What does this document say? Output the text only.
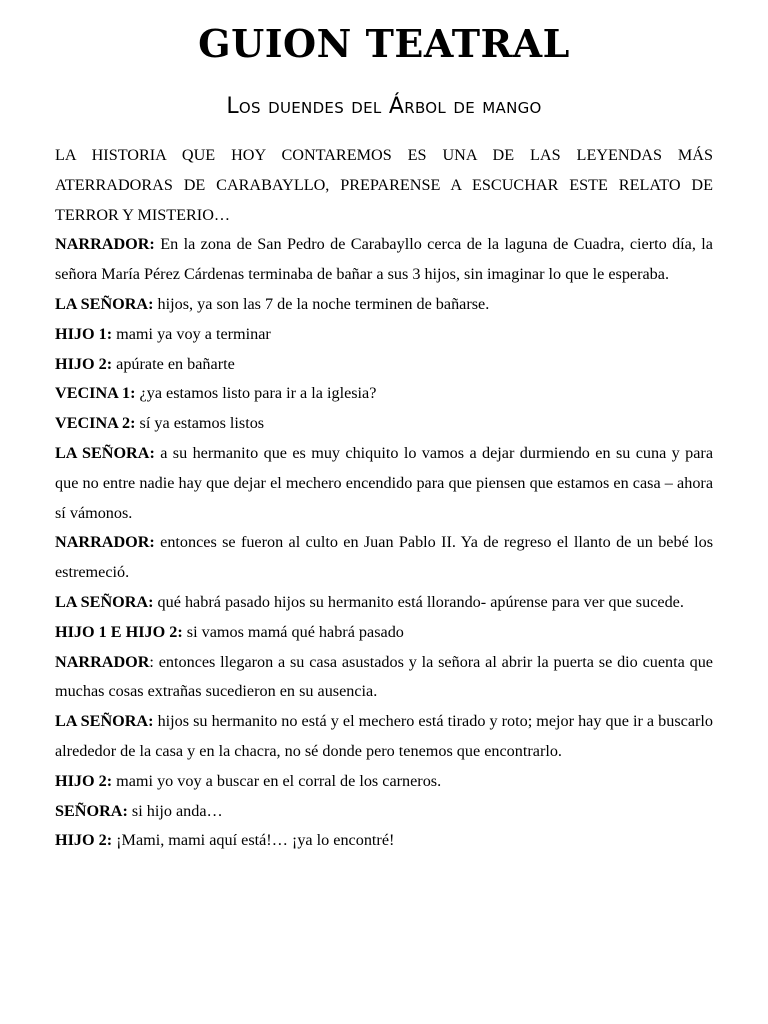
GUION TEATRAL
Los duendes del Árbol de mango

LA HISTORIA QUE HOY CONTAREMOS ES UNA DE LAS LEYENDAS MÁS ATERRADORAS DE CARABAYLLO, PREPARENSE A ESCUCHAR ESTE RELATO DE TERROR Y MISTERIO…

NARRADOR: En la zona de San Pedro de Carabayllo cerca de la laguna de Cuadra, cierto día, la señora María Pérez Cárdenas terminaba de bañar a sus 3 hijos, sin imaginar lo que le esperaba.

LA SEÑORA: hijos, ya son las 7 de la noche terminen de bañarse.

HIJO 1: mami ya voy a terminar

HIJO 2: apúrate en bañarte

VECINA 1: ¿ya estamos listo para ir a la iglesia?

VECINA 2: sí ya estamos listos

LA SEÑORA: a su hermanito que es muy chiquito lo vamos a dejar durmiendo en su cuna y para que no entre nadie hay que dejar el mechero encendido para que piensen que estamos en casa – ahora sí vámonos.

NARRADOR: entonces se fueron al culto en Juan Pablo II. Ya de regreso el llanto de un bebé los estremeció.

LA SEÑORA: qué habrá pasado hijos su hermanito está llorando- apúrense para ver que sucede.

HIJO 1 E HIJO 2: si vamos mamá qué habrá pasado

NARRADOR: entonces llegaron a su casa asustados y la señora al abrir la puerta se dio cuenta que muchas cosas extrañas sucedieron en su ausencia.

LA SEÑORA: hijos su hermanito no está y el mechero está tirado y roto; mejor hay que ir a buscarlo alrededor de la casa y en la chacra, no sé donde pero tenemos que encontrarlo.

HIJO 2: mami yo voy a buscar en el corral de los carneros.

SEÑORA: si hijo anda…

HIJO 2: ¡Mami, mami aquí está!… ¡ya lo encontré!
